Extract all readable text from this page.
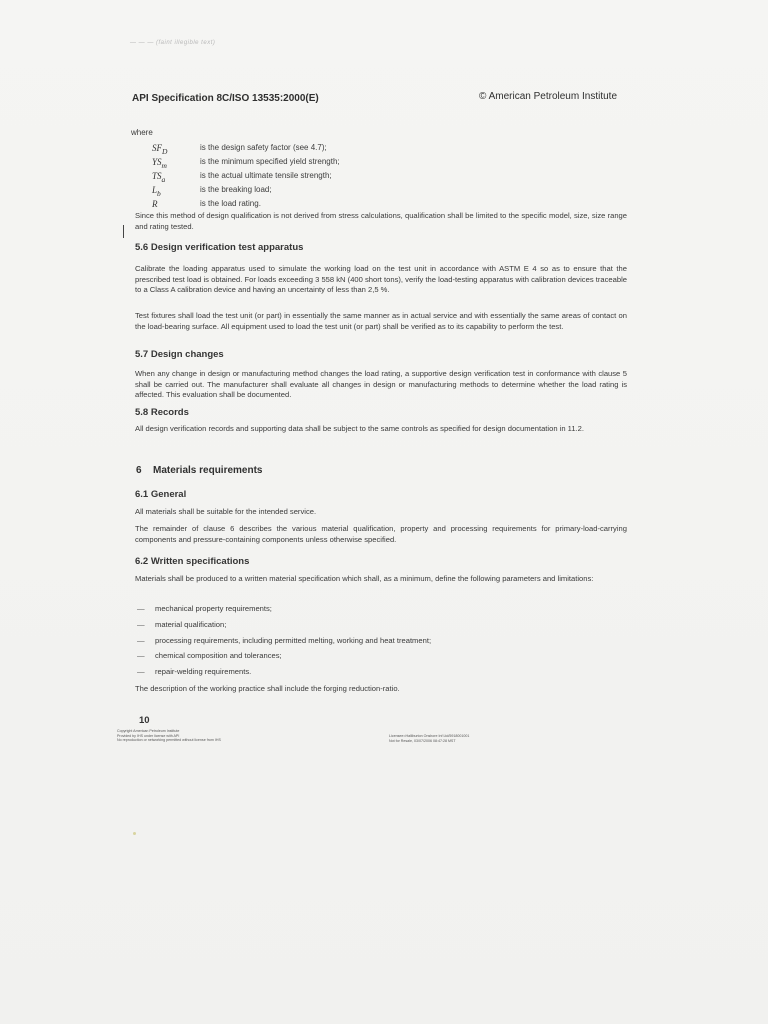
— — — (faint illegible text)
API Specification 8C/ISO 13535:2000(E)	© American Petroleum Institute
where
$SF_D$	is the design safety factor (see 4.7);
$YS_m$	is the minimum specified yield strength;
$TS_a$	is the actual ultimate tensile strength;
$L_b$	is the breaking load;
R	is the load rating.

Since this method of design qualification is not derived from stress calculations, qualification shall be limited to the specific model, size, size range and rating tested.

5.6 Design verification test apparatus

Calibrate the loading apparatus used to simulate the working load on the test unit in accordance with ASTM E 4 so as to ensure that the prescribed test load is obtained. For loads exceeding 3 558 kN (400 short tons), verify the load-testing apparatus with calibration devices traceable to a Class A calibration device and having an uncertainty of less than 2,5 %.

Test fixtures shall load the test unit (or part) in essentially the same manner as in actual service and with essentially the same areas of contact on the load-bearing surface. All equipment used to load the test unit (or part) shall be verified as to its capability to perform the test.

5.7 Design changes

When any change in design or manufacturing method changes the load rating, a supportive design verification test in conformance with clause 5 shall be carried out. The manufacturer shall evaluate all changes in design or manufacturing methods to determine whether the load rating is affected. This evaluation shall be documented.

5.8 Records

All design verification records and supporting data shall be subject to the same controls as specified for design documentation in 11.2.

6 Materials requirements
6.1 General

All materials shall be suitable for the intended service.

The remainder of clause 6 describes the various material qualification, property and processing requirements for primary-load-carrying components and pressure-containing components unless otherwise specified.

6.2 Written specifications

Materials shall be produced to a written material specification which shall, as a minimum, define the following parameters and limitations:

—	mechanical property requirements;
—	material qualification;
—	processing requirements, including permitted melting, working and heat treatment;
—	chemical composition and tolerances;
—	repair-welding requirements.

The description of the working practice shall include the forging reduction-ratio.

10
Copyright American Petroleum Institute
Provided by IHS under license with API
No reproduction or networking permitted without license from IHS
Licensee=Halliburton Onshore Inf Ltd/5918001001
Not for Resale, 03/07/2006 08:47:28 MST
